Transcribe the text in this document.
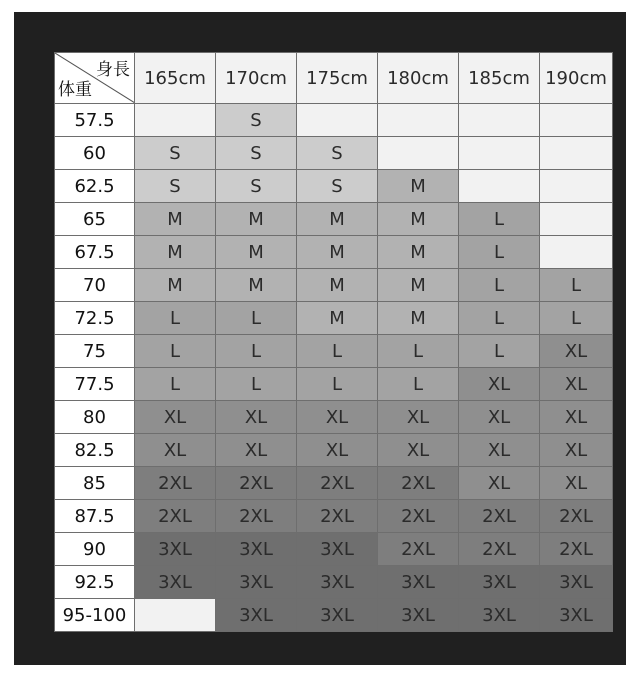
身長
体重	165cm	170cm	175cm	180cm	185cm	190cm
57.5		S				
60	S	S	S			
62.5	S	S	S	M		
65	M	M	M	M	L	
67.5	M	M	M	M	L	
70	M	M	M	M	L	L
72.5	L	L	M	M	L	L
75	L	L	L	L	L	XL
77.5	L	L	L	L	XL	XL
80	XL	XL	XL	XL	XL	XL
82.5	XL	XL	XL	XL	XL	XL
85	2XL	2XL	2XL	2XL	XL	XL
87.5	2XL	2XL	2XL	2XL	2XL	2XL
90	3XL	3XL	3XL	2XL	2XL	2XL
92.5	3XL	3XL	3XL	3XL	3XL	3XL
95-100		3XL	3XL	3XL	3XL	3XL
